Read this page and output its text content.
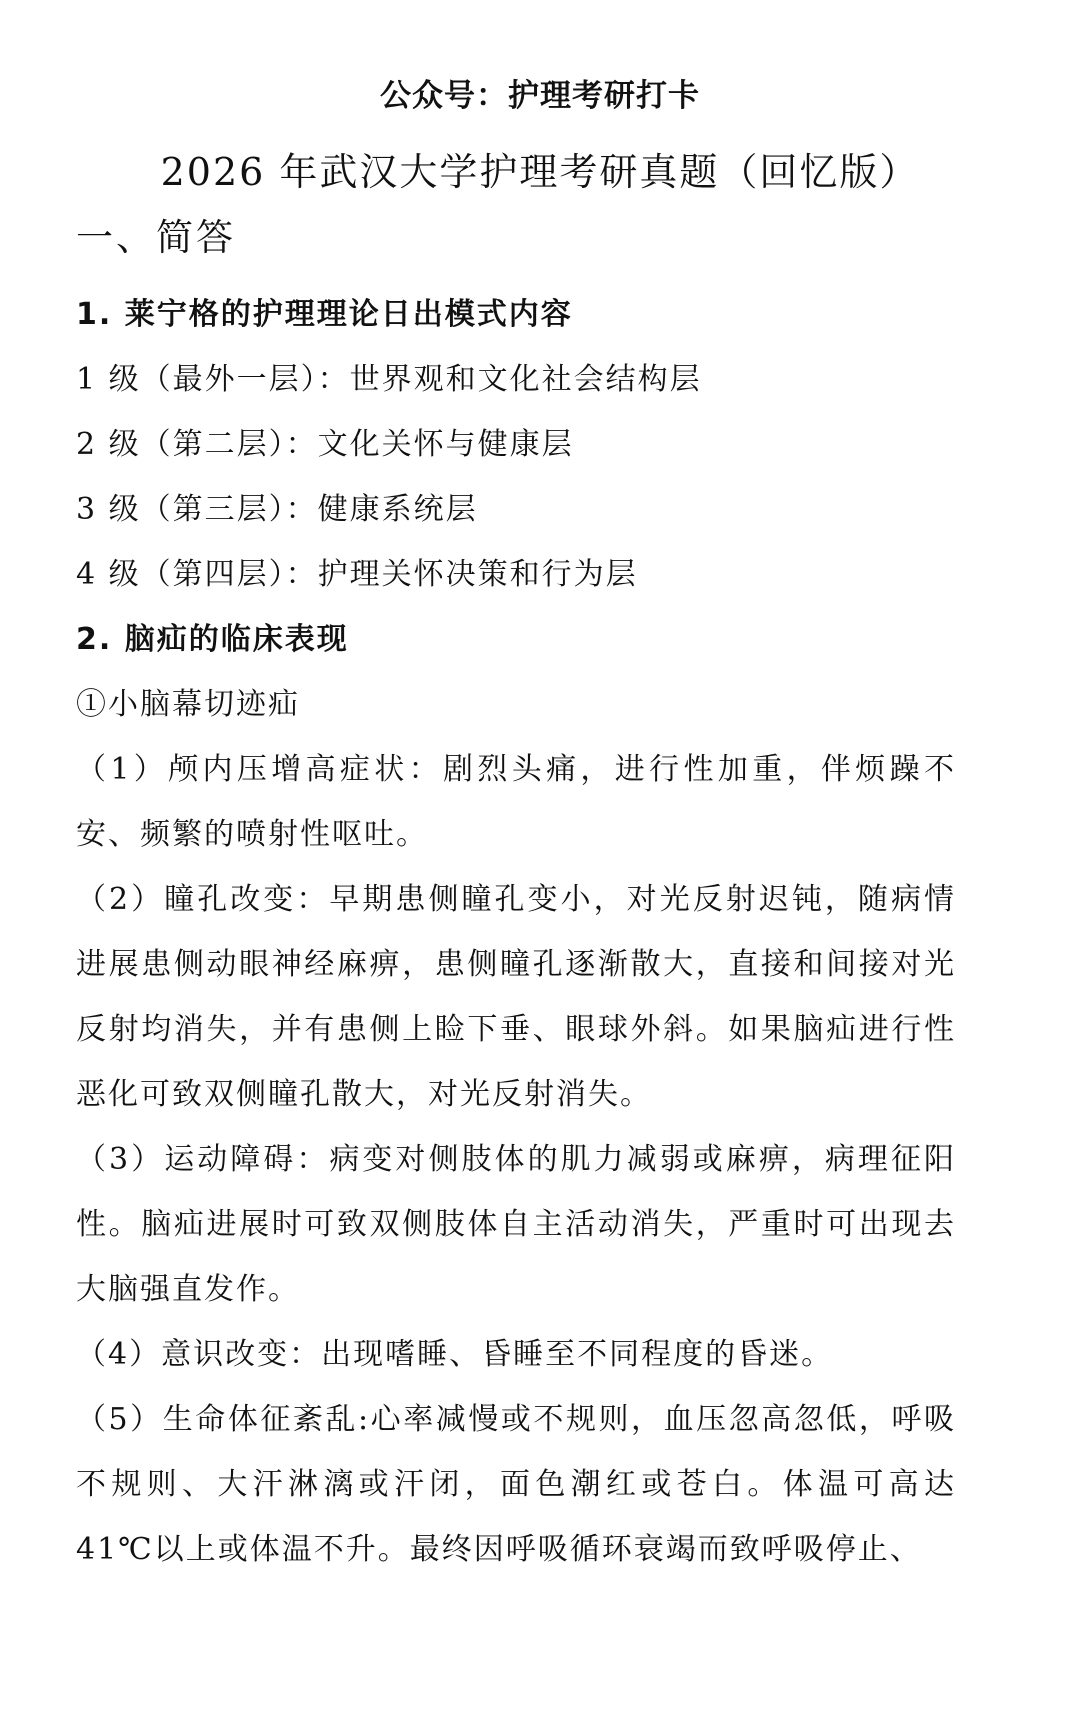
公众号：护理考研打卡
2026 年武汉大学护理考研真题（回忆版）
一、简答

1. 莱宁格的护理理论日出模式内容

1 级（最外一层）：世界观和文化社会结构层

2 级（第二层）：文化关怀与健康层

3 级（第三层）：健康系统层

4 级（第四层）：护理关怀决策和行为层

2. 脑疝的临床表现

①小脑幕切迹疝

（1）颅内压增高症状：剧烈头痛，进行性加重，伴烦躁不安、频繁的喷射性呕吐。

（2）瞳孔改变：早期患侧瞳孔变小，对光反射迟钝，随病情进展患侧动眼神经麻痹，患侧瞳孔逐渐散大，直接和间接对光反射均消失，并有患侧上睑下垂、眼球外斜。如果脑疝进行性恶化可致双侧瞳孔散大，对光反射消失。

（3）运动障碍：病变对侧肢体的肌力减弱或麻痹，病理征阳性。脑疝进展时可致双侧肢体自主活动消失，严重时可出现去大脑强直发作。

（4）意识改变：出现嗜睡、昏睡至不同程度的昏迷。

（5）生命体征紊乱:心率减慢或不规则，血压忽高忽低，呼吸不规则、大汗淋漓或汗闭，面色潮红或苍白。体温可高达 41℃以上或体温不升。最终因呼吸循环衰竭而致呼吸停止、
